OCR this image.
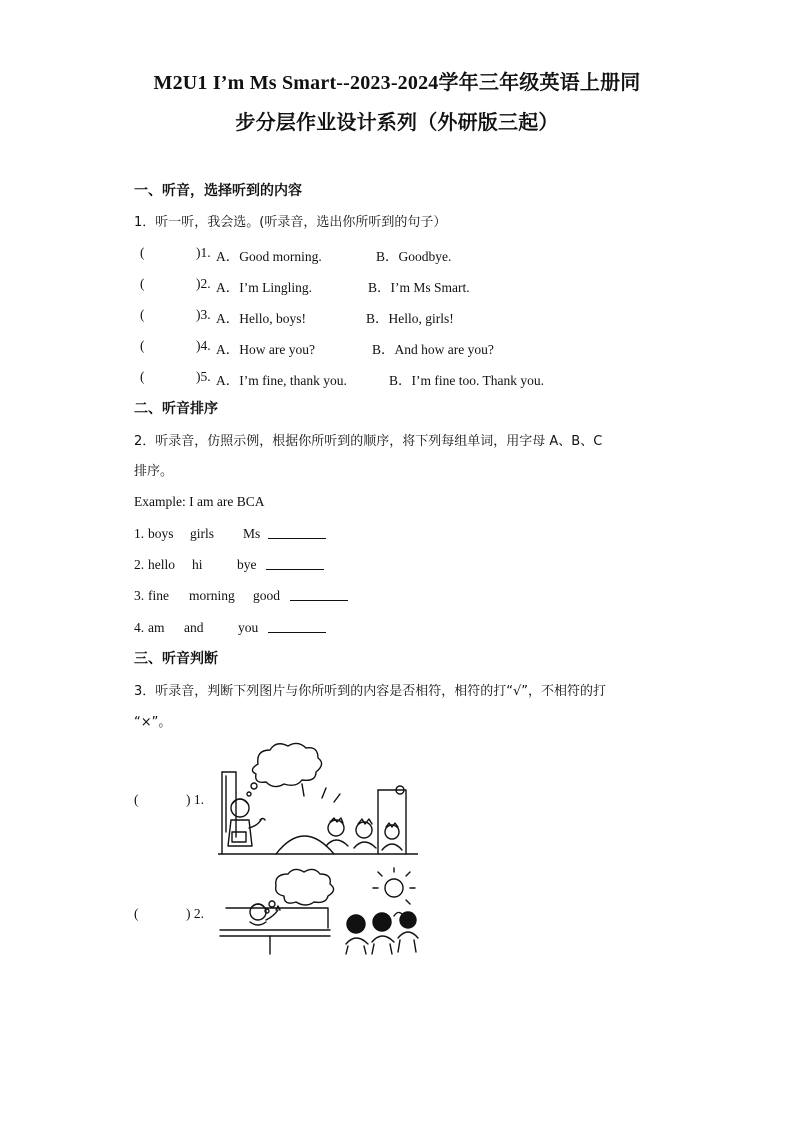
M2U1 I’m Ms Smart--2023-2024学年三年级英语上册同
步分层作业设计系列（外研版三起）
一、听音，选择听到的内容
1．听一听，我会选。(听录音，选出你所听到的句子）
(	)1. A．Good morning.	B．Goodbye.
(	)2. A．I’m Lingling.	B．I’m Ms Smart.
(	)3. A．Hello, boys!	B．Hello, girls!
(	)4. A．How are you?	B．And how are you?
(	)5. A．I’m fine, thank you.	B．I’m fine too. Thank you.
二、听音排序
2．听录音，仿照示例，根据你所听到的顺序，将下列每组单词，用字母 A、B、C
排序。
Example: I am are BCA
1. boys girls Ms
2. hello hi	bye
3. fine morning good
4. am and	you
三、听音判断
3．听录音，判断下列图片与你所听到的内容是否相符，相符的打“√”，不相符的打
“×”。
(	) 1.
(	) 2.
